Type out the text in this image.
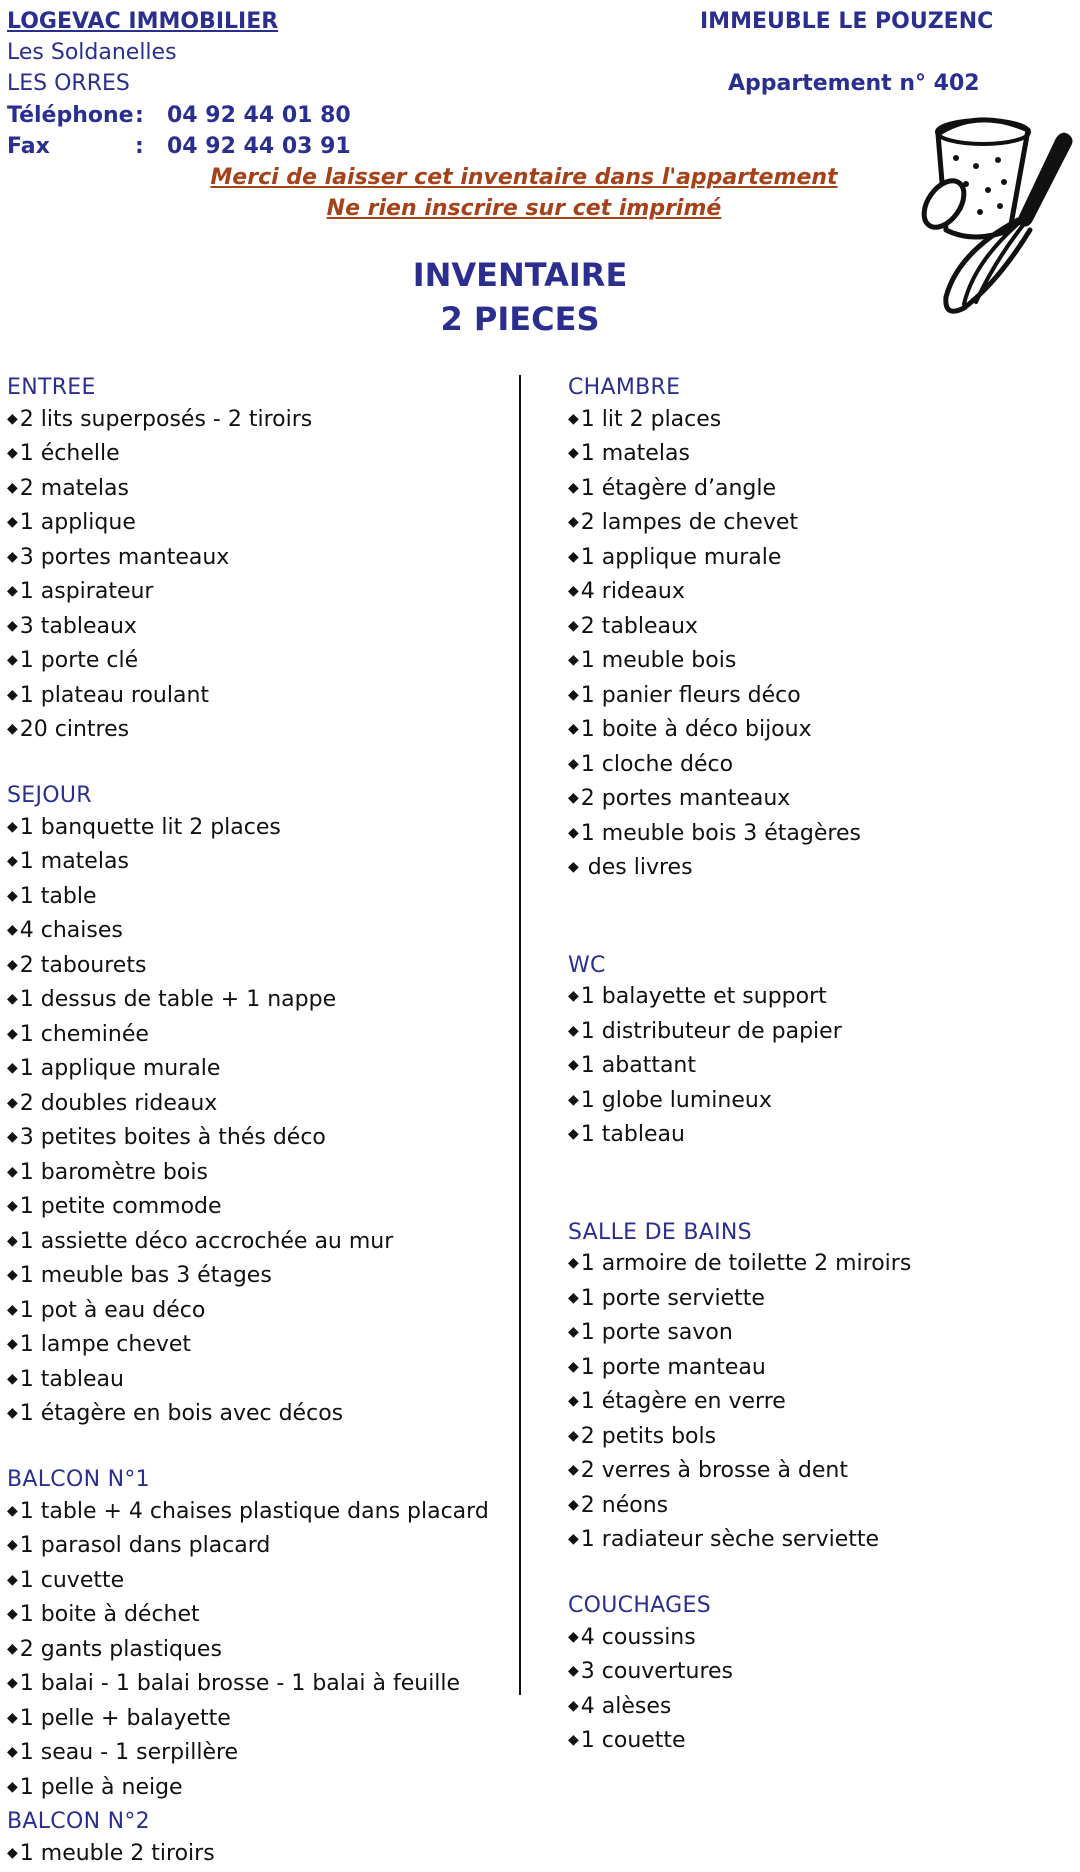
LOGEVAC IMMOBILIER
Les Soldanelles
LES ORRES
Téléphone : 04 92 44 01 80
Fax	: 04 92 44 03 91
IMMEUBLE LE POUZENC
Appartement n° 402
Merci de laisser cet inventaire dans l'appartement
Ne rien inscrire sur cet imprimé
INVENTAIRE
2 PIECES
ENTREE
◆2 lits superposés - 2 tiroirs
◆1 échelle
◆2 matelas
◆1 applique
◆3 portes manteaux
◆1 aspirateur
◆3 tableaux
◆1 porte clé
◆1 plateau roulant
◆20 cintres
SEJOUR
◆1 banquette lit 2 places
◆1 matelas
◆1 table
◆4 chaises
◆2 tabourets
◆1 dessus de table + 1 nappe
◆1 cheminée
◆1 applique murale
◆2 doubles rideaux
◆3 petites boites à thés déco
◆1 baromètre bois
◆1 petite commode
◆1 assiette déco accrochée au mur
◆1 meuble bas 3 étages
◆1 pot à eau déco
◆1 lampe chevet
◆1 tableau
◆1 étagère en bois avec décos
BALCON N°1
◆1 table + 4 chaises plastique dans placard
◆1 parasol dans placard
◆1 cuvette
◆1 boite à déchet
◆2 gants plastiques
◆1 balai - 1 balai brosse - 1 balai à feuille
◆1 pelle + balayette
◆1 seau - 1 serpillère
◆1 pelle à neige
BALCON N°2
◆1 meuble 2 tiroirs
CHAMBRE
◆1 lit 2 places
◆1 matelas
◆1 étagère d’angle
◆2 lampes de chevet
◆1 applique murale
◆4 rideaux
◆2 tableaux
◆1 meuble bois
◆1 panier fleurs déco
◆1 boite à déco bijoux
◆1 cloche déco
◆2 portes manteaux
◆1 meuble bois 3 étagères
◆ des livres
WC
◆1 balayette et support
◆1 distributeur de papier
◆1 abattant
◆1 globe lumineux
◆1 tableau
SALLE DE BAINS
◆1 armoire de toilette 2 miroirs
◆1 porte serviette
◆1 porte savon
◆1 porte manteau
◆1 étagère en verre
◆2 petits bols
◆2 verres à brosse à dent
◆2 néons
◆1 radiateur sèche serviette
COUCHAGES
◆4 coussins
◆3 couvertures
◆4 alèses
◆1 couette
